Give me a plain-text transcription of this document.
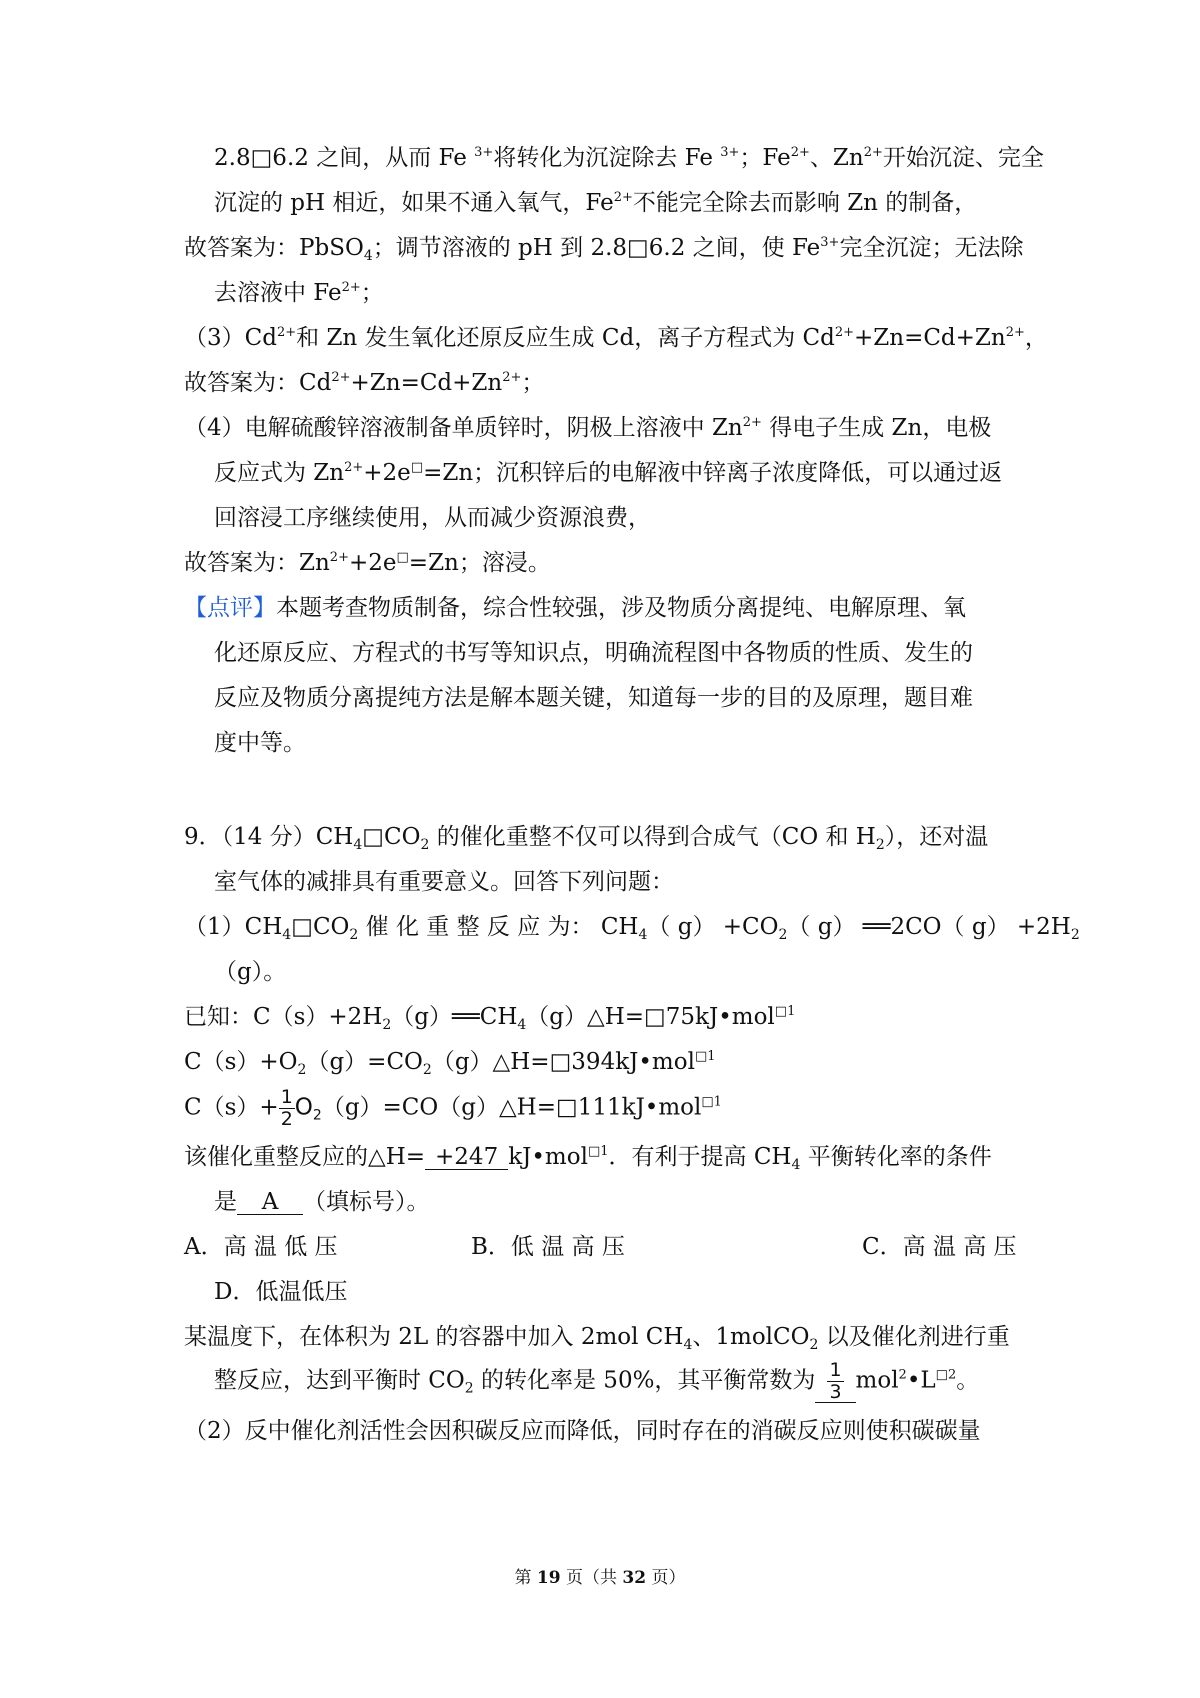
2.8□6.2 之间，从而 Fe $^{3+}$将转化为沉淀除去 Fe $^{3+}$；$Fe^{2+}$、$Zn^{2+}$开始沉淀、完全
沉淀的 pH 相近，如果不通入氧气，$Fe^{2+}$不能完全除去而影响 Zn 的制备，
故答案为：PbSO$_4$；调节溶液的 pH 到 2.8□6.2 之间，使 $Fe^{3+}$完全沉淀；无法除
去溶液中 $Fe^{2+}$；
$(3)Cd^{2+}$和 Zn 发生氧化还原反应生成 Cd，离子方程式为 $Cd^{2+}+Zn=Cd+Zn^{2+}$，
故答案为：$Cd^{2+}+Zn=Cd+Zn^{2+}$；
（4）电解硫酸锌溶液制备单质锌时，阴极上溶液中 $Zn^{2+}$ 得电子生成 Zn，电极
反应式为 $Zn^{2+}+2e^□=Zn$；沉积锌后的电解液中锌离子浓度降低，可以通过返
回溶浸工序继续使用，从而减少资源浪费，
故答案为：$Zn^{2+}+2e^□=Zn$；溶浸。
【点评】本题考查物质制备，综合性较强，涉及物质分离提纯、电解原理、氧
化还原反应、方程式的书写等知识点，明确流程图中各物质的性质、发生的
反应及物质分离提纯方法是解本题关键，知道每一步的目的及原理，题目难
度中等。
9．（14 分）$CH_4□CO_2$ 的催化重整不仅可以得到合成气（CO 和 $H_2$），还对温
室气体的减排具有重要意义。回答下列问题：
$(1)CH_4□CO_2$ 催 化 重 整 反 应 为： $CH_4$（ $g) +CO_2$（ g） ══2CO（ $g) +2H_2$
（g）。
已知：$C(s)+2H_2(g)══CH_4(g)\triangle H=□75kJ•mol^{□1}$
$C(s)+O_2(g)=CO_2(g)\triangle H=□394kJ•mol^{□1}$
$C(s)+ \frac{1}{2}$ $O_2(g)=CO(g)\triangle H=□111kJ•mol^{□1}$
该催化重整反应的△H= +247 kJ•mol$^{□1}$．有利于提高 $CH_4$ 平衡转化率的条件
是 A （填标号）。
A．高 温 低 压	B．低 温 高 压	C．高 温 高 压
D．低温低压
某温度下，在体积为 2L 的容器中加入 2mol $CH_4$、1molCO$_2$ 以及催化剂进行重
整反应，达到平衡时 $CO_2$ 的转化率是 50%，其平衡常数为 $\frac{1}{3}$ $mol^2•L^{□2}$。
（2）反中催化剂活性会因积碳反应而降低，同时存在的消碳反应则使积碳碳量
第 19 页（共 32 页）
